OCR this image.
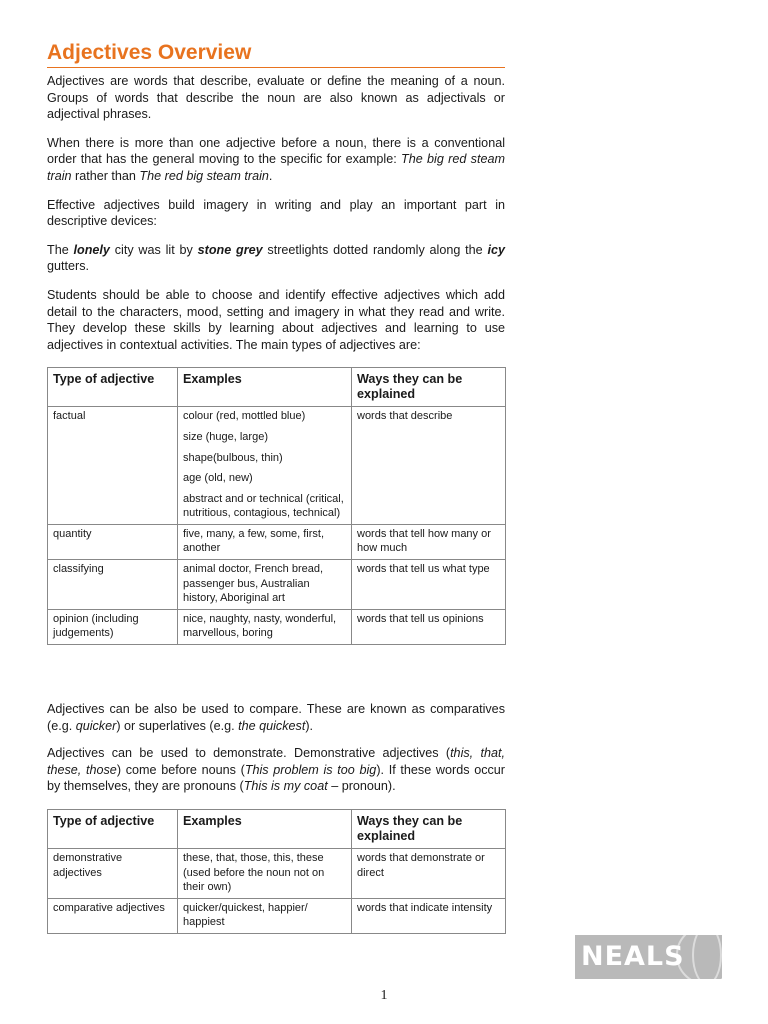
Adjectives Overview

Adjectives are words that describe, evaluate or define the meaning of a noun. Groups of words that describe the noun are also known as adjectivals or adjectival phrases.

When there is more than one adjective before a noun, there is a conventional order that has the general moving to the specific for example: The big red steam train rather than The red big steam train.

Effective adjectives build imagery in writing and play an important part in descriptive devices:

The lonely city was lit by stone grey streetlights dotted randomly along the icy gutters.

Students should be able to choose and identify effective adjectives which add detail to the characters, mood, setting and imagery in what they read and write. They develop these skills by learning about adjectives and learning to use adjectives in contextual activities. The main types of adjectives are:

Type of adjective	Examples	Ways they can be explained
factual	colour (red, mottled blue)
size (huge, large)
shape(bulbous, thin)
age (old, new)
abstract and or technical (critical, nutritious, contagious, technical)	words that describe
quantity	five, many, a few, some, first, another	words that tell how many or how much
classifying	animal doctor, French bread, passenger bus, Australian history, Aboriginal art	words that tell us what type
opinion (including judgements)	nice, naughty, nasty, wonderful, marvellous, boring	words that tell us opinions

Adjectives can be also be used to compare. These are known as comparatives (e.g. quicker) or superlatives (e.g. the quickest).

Adjectives can be used to demonstrate. Demonstrative adjectives (this, that, these, those) come before nouns (This problem is too big). If these words occur by themselves, they are pronouns (This is my coat – pronoun).

Type of adjective	Examples	Ways they can be explained
demonstrative adjectives	these, that, those, this, these (used before the noun not on their own)	words that demonstrate or direct
comparative adjectives	quicker/quickest, happier/ happiest	words that indicate intensity
NEALS
1
